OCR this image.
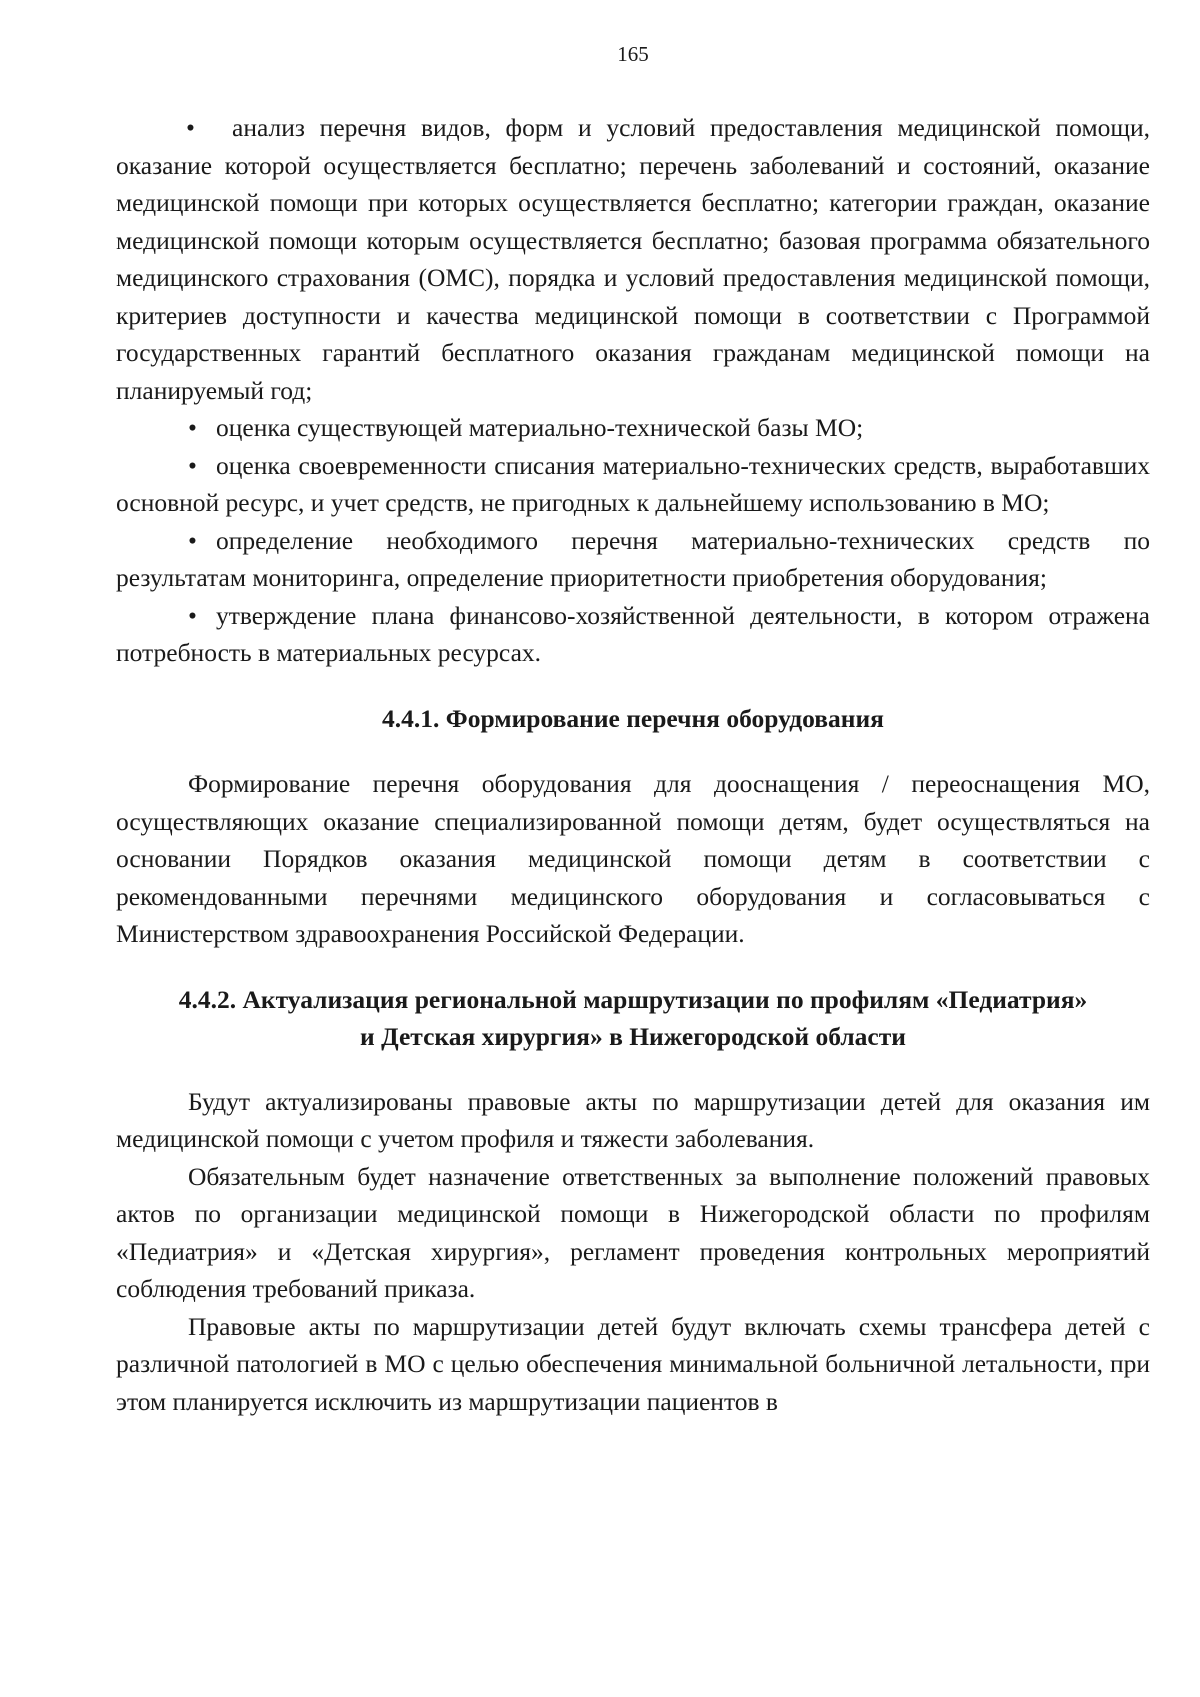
165

• анализ перечня видов, форм и условий предоставления медицинской помощи, оказание которой осуществляется бесплатно; перечень заболеваний и состояний, оказание медицинской помощи при которых осуществляется бесплатно; категории граждан, оказание медицинской помощи которым осуществляется бесплатно; базовая программа обязательного медицинского страхования (ОМС), порядка и условий предоставления медицинской помощи, критериев доступности и качества медицинской помощи в соответствии с Программой государственных гарантий бесплатного оказания гражданам медицинской помощи на планируемый год;

• оценка существующей материально-технической базы МО;

• оценка своевременности списания материально-технических средств, выработавших основной ресурс, и учет средств, не пригодных к дальнейшему использованию в МО;

• определение необходимого перечня материально-технических средств по результатам мониторинга, определение приоритетности приобретения оборудования;

• утверждение плана финансово-хозяйственной деятельности, в котором отражена потребность в материальных ресурсах.

4.4.1. Формирование перечня оборудования

Формирование перечня оборудования для дооснащения / переоснащения МО, осуществляющих оказание специализированной помощи детям, будет осуществляться на основании Порядков оказания медицинской помощи детям в соответствии с рекомендованными перечнями медицинского оборудования и согласовываться с Министерством здравоохранения Российской Федерации.

4.4.2. Актуализация региональной маршрутизации по профилям «Педиатрия»
и Детская хирургия» в Нижегородской области

Будут актуализированы правовые акты по маршрутизации детей для оказания им медицинской помощи с учетом профиля и тяжести заболевания.

Обязательным будет назначение ответственных за выполнение положений правовых актов по организации медицинской помощи в Нижегородской области по профилям «Педиатрия» и «Детская хирургия», регламент проведения контрольных мероприятий соблюдения требований приказа.

Правовые акты по маршрутизации детей будут включать схемы трансфера детей с различной патологией в МО с целью обеспечения минимальной больничной летальности, при этом планируется исключить из маршрутизации пациентов в
